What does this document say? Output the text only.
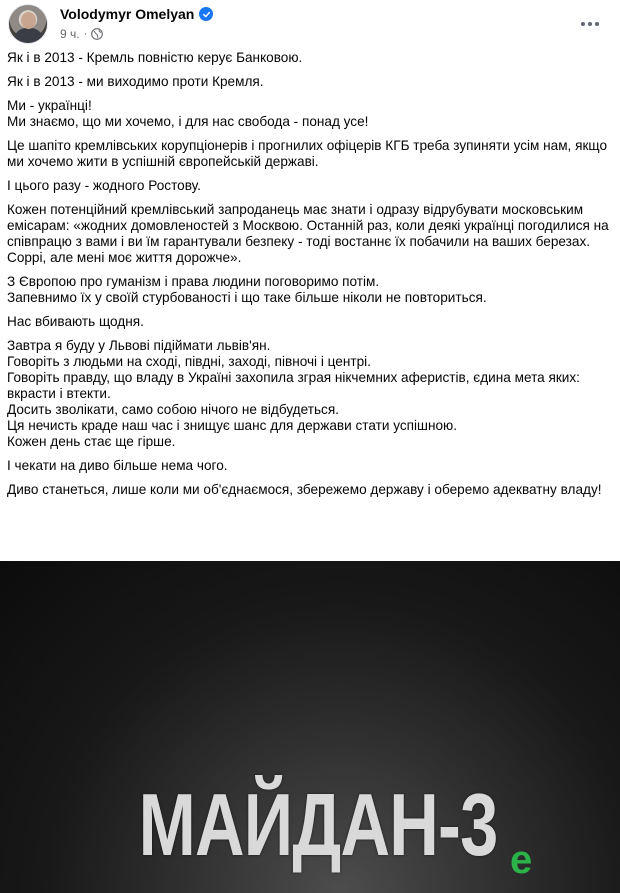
Volodymyr Omelyan
9 ч. ·

Як і в 2013 - Кремль повністю керує Банковою.

Як і в 2013 - ми виходимо проти Кремля.

Ми - українці!
Ми знаємо, що ми хочемо, і для нас свобода - понад усе!

Це шапіто кремлівських корупціонерів і прогнилих офіцерів КГБ треба зупиняти усім нам, якщо ми хочемо жити в успішній європейській державі.

І цього разу - жодного Ростову.

Кожен потенційний кремлівський запроданець має знати і одразу відрубувати московським емісарам: «жодних домовленостей з Москвою. Останній раз, коли деякі українці погодилися на співпрацю з вами і ви їм гарантували безпеку - тоді востаннє їх побачили на ваших березах. Соррі, але мені моє життя дорожче».

З Європою про гуманізм і права людини поговоримо потім.
Запевнимо їх у своїй стурбованості і що таке більше ніколи не повториться.

Нас вбивають щодня.

Завтра я буду у Львові підіймати львів'ян.
Говоріть з людьми на сході, півдні, заході, півночі і центрі.
Говоріть правду, що владу в Україні захопила зграя нікчемних аферистів, єдина мета яких: вкрасти і втекти.
Досить зволікати, само собою нічого не відбудеться.
Ця нечисть краде наш час і знищує шанс для держави стати успішною.
Кожен день стає ще гірше.

І чекати на диво більше нема чого.

Диво станеться, лише коли ми об'єднаємося, збережемо державу і оберемо адекватну владу!

МАЙДАН-3 е
